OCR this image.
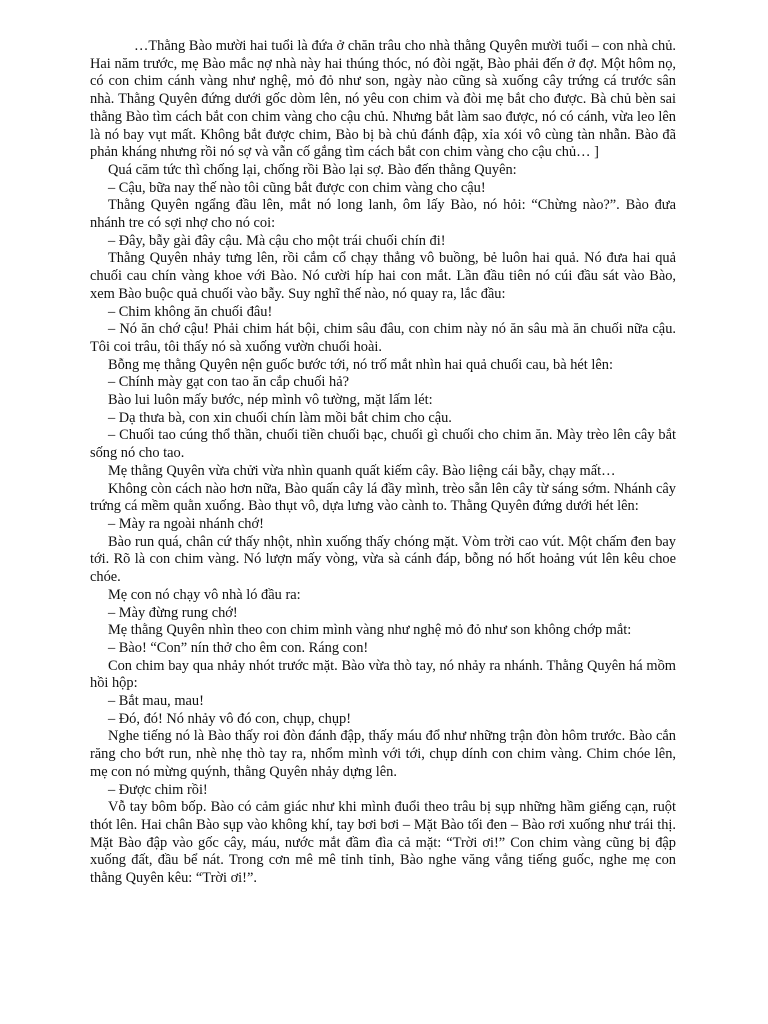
…Thằng Bào mười hai tuổi là đứa ở chăn trâu cho nhà thằng Quyên mười tuổi – con nhà chủ. Hai năm trước, mẹ Bào mắc nợ nhà này hai thúng thóc, nó đòi ngặt, Bào phải đến ở đợ. Một hôm nọ, có con chim cánh vàng như nghệ, mỏ đỏ như son, ngày nào cũng sà xuống cây trứng cá trước sân nhà. Thằng Quyên đứng dưới gốc dòm lên, nó yêu con chim và đòi mẹ bắt cho được. Bà chủ bèn sai thằng Bào tìm cách bắt con chim vàng cho cậu chủ. Nhưng bắt làm sao được, nó có cánh, vừa leo lên là nó bay vụt mất. Không bắt được chim, Bào bị bà chủ đánh đập, xỉa xói vô cùng tàn nhẫn. Bào đã phản kháng nhưng rồi nó sợ và vẫn cố gắng tìm cách bắt con chim vàng cho cậu chủ… ]

Quá căm tức thì chống lại, chống rồi Bào lại sợ. Bào đến thằng Quyên:

– Cậu, bữa nay thế nào tôi cũng bắt được con chim vàng cho cậu!

Thằng Quyên ngẩng đầu lên, mắt nó long lanh, ôm lấy Bào, nó hỏi: “Chừng nào?”. Bào đưa nhánh tre có sợi nhợ cho nó coi:

– Đây, bẫy gài đây cậu. Mà cậu cho một trái chuối chín đi!

Thằng Quyên nhảy tưng lên, rồi cắm cổ chạy thẳng vô buồng, bẻ luôn hai quả. Nó đưa hai quả chuối cau chín vàng khoe với Bào. Nó cười híp hai con mắt. Lần đầu tiên nó cúi đầu sát vào Bào, xem Bào buộc quả chuối vào bẫy. Suy nghĩ thế nào, nó quay ra, lắc đầu:

– Chim không ăn chuối đâu!

– Nó ăn chớ cậu! Phải chim hát bội, chim sâu đâu, con chim này nó ăn sâu mà ăn chuối nữa cậu. Tôi coi trâu, tôi thấy nó sà xuống vườn chuối hoài.

Bỗng mẹ thằng Quyên nện guốc bước tới, nó trố mắt nhìn hai quả chuối cau, bà hét lên:

– Chính mày gạt con tao ăn cắp chuối hả?

Bào lui luôn mấy bước, nép mình vô tường, mặt lấm lét:

– Dạ thưa bà, con xin chuối chín làm mồi bắt chim cho cậu.

– Chuối tao cúng thổ thần, chuối tiền chuối bạc, chuối gì chuối cho chim ăn. Mày trèo lên cây bắt sống nó cho tao.

Mẹ thằng Quyên vừa chửi vừa nhìn quanh quất kiếm cây. Bào liệng cái bẫy, chạy mất…

Không còn cách nào hơn nữa, Bào quấn cây lá đầy mình, trèo sẵn lên cây từ sáng sớm. Nhánh cây trứng cá mềm quằn xuống. Bào thụt vô, dựa lưng vào cành to. Thằng Quyên đứng dưới hét lên:

– Mày ra ngoài nhánh chớ!

Bào run quá, chân cứ thấy nhột, nhìn xuống thấy chóng mặt. Vòm trời cao vút. Một chấm đen bay tới. Rõ là con chim vàng. Nó lượn mấy vòng, vừa sà cánh đáp, bỗng nó hốt hoảng vút lên kêu choe chóe.

Mẹ con nó chạy vô nhà ló đầu ra:

– Mày đừng rung chớ!

Mẹ thằng Quyên nhìn theo con chim mình vàng như nghệ mỏ đỏ như son không chớp mắt:

– Bào! “Con” nín thở cho êm con. Ráng con!

Con chim bay qua nhảy nhót trước mặt. Bào vừa thò tay, nó nhảy ra nhánh. Thằng Quyên há mồm hồi hộp:

– Bắt mau, mau!

– Đó, đó! Nó nhảy vô đó con, chụp, chụp!

Nghe tiếng nó là Bào thấy roi đòn đánh đập, thấy máu đổ như những trận đòn hôm trước. Bào cắn răng cho bớt run, nhè nhẹ thò tay ra, nhổm mình với tới, chụp dính con chim vàng. Chim chóe lên, mẹ con nó mừng quýnh, thằng Quyên nhảy dựng lên.

– Được chim rồi!

Vỗ tay bôm bốp. Bào có cảm giác như khi mình đuổi theo trâu bị sụp những hầm giếng cạn, ruột thót lên. Hai chân Bào sụp vào không khí, tay bơi bơi – Mặt Bào tối đen – Bào rơi xuống như trái thị. Mặt Bào đập vào gốc cây, máu, nước mắt đầm đìa cả mặt: “Trời ơi!” Con chim vàng cũng bị đập xuống đất, đầu bể nát. Trong cơn mê mê tỉnh tỉnh, Bào nghe văng vẳng tiếng guốc, nghe mẹ con thằng Quyên kêu: “Trời ơi!”.
